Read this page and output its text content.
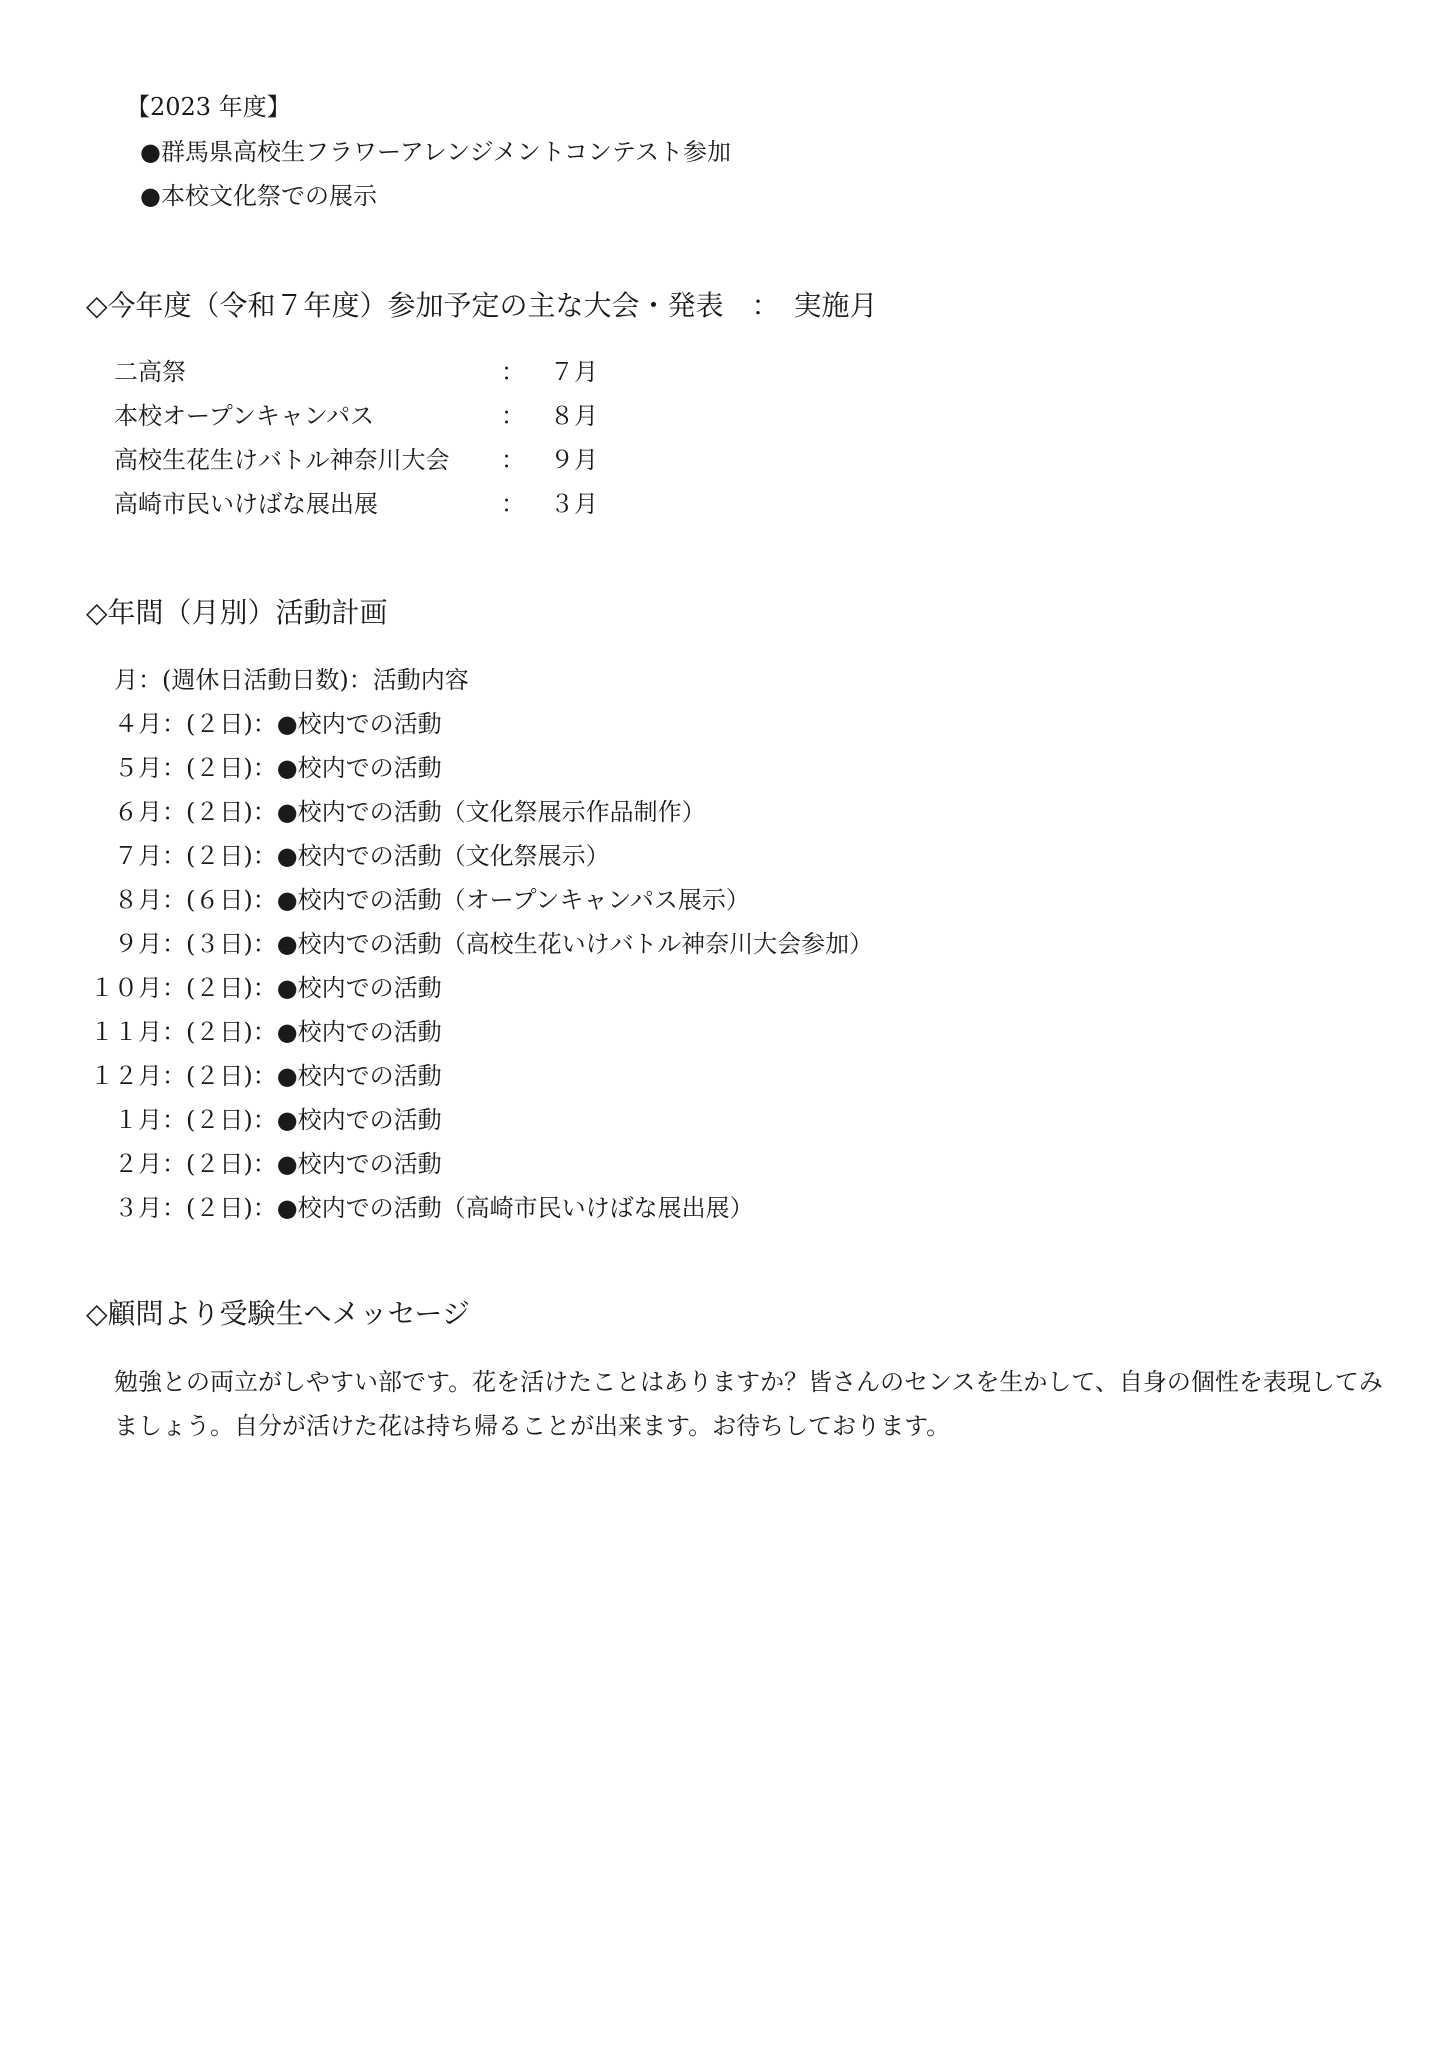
【2023 年度】
●群馬県高校生フラワーアレンジメントコンテスト参加
●本校文化祭での展示
◇今年度（令和７年度）参加予定の主な大会・発表　：　実施月
二高祭	： ７月
本校オープンキャンパス	： ８月
高校生花生けバトル神奈川大会 ： ９月
高崎市民いけばな展出展	： ３月
◇年間（月別）活動計画
月：(週休日活動日数)：活動内容
４月：(２日)：●校内での活動
５月：(２日)：●校内での活動
６月：(２日)：●校内での活動（文化祭展示作品制作）
７月：(２日)：●校内での活動（文化祭展示）
８月：(６日)：●校内での活動（オープンキャンパス展示）
９月：(３日)：●校内での活動（高校生花いけバトル神奈川大会参加）
１０月：(２日)：●校内での活動
１１月：(２日)：●校内での活動
１２月：(２日)：●校内での活動
１月：(２日)：●校内での活動
２月：(２日)：●校内での活動
３月：(２日)：●校内での活動（高崎市民いけばな展出展）
◇顧問より受験生へメッセージ
勉強との両立がしやすい部です。花を活けたことはありますか？皆さんのセンスを生かして、自身の個性を表現してみましょう。自分が活けた花は持ち帰ることが出来ます。お待ちしております。
